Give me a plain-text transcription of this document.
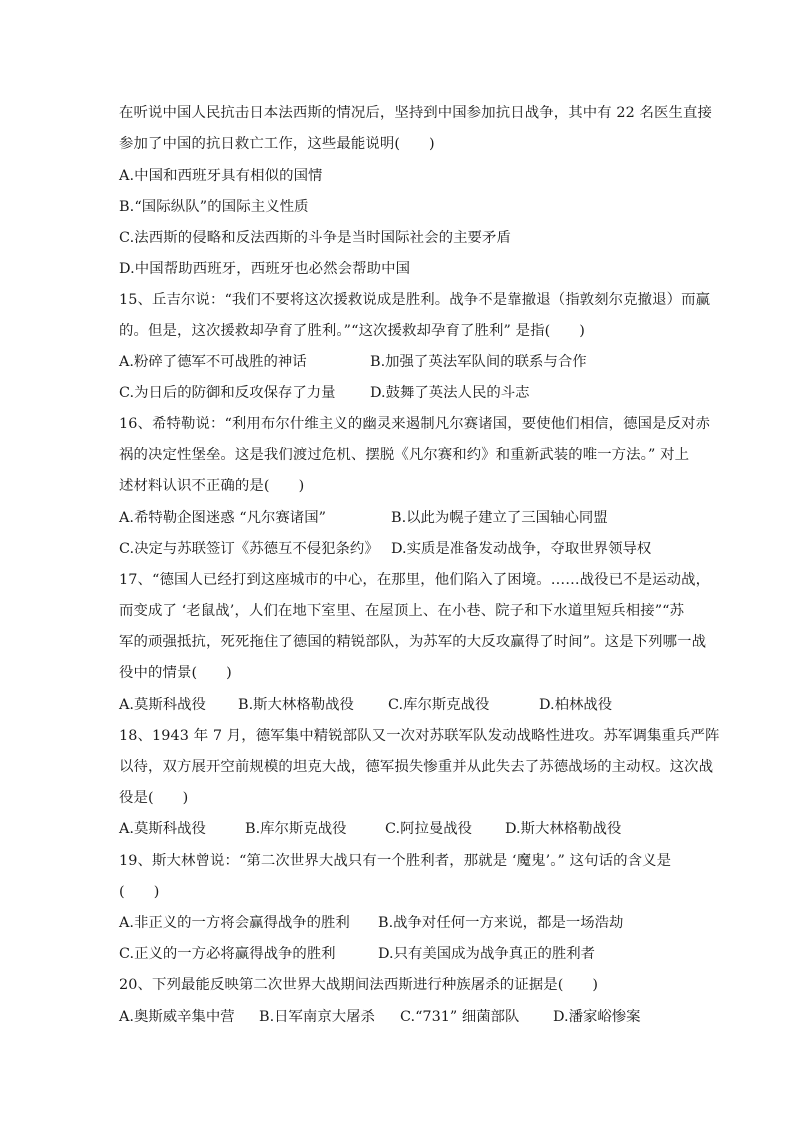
在听说中国人民抗击日本法西斯的情况后，坚持到中国参加抗日战争，其中有 22 名医生直接
参加了中国的抗日救亡工作，这些最能说明(　　)
A.中国和西班牙具有相似的国情
B.“国际纵队”的国际主义性质
C.法西斯的侵略和反法西斯的斗争是当时国际社会的主要矛盾
D.中国帮助西班牙，西班牙也必然会帮助中国
15、丘吉尔说：“我们不要将这次援救说成是胜利。战争不是靠撤退（指敦刻尔克撤退）而赢
的。但是，这次援救却孕育了胜利。”“这次援救却孕育了胜利” 是指(　　)
A.粉碎了德军不可战胜的神话	B.加强了英法军队间的联系与合作
C.为日后的防御和反攻保存了力量 D.鼓舞了英法人民的斗志
16、希特勒说：“利用布尔什维主义的幽灵来遏制凡尔赛诸国，要使他们相信，德国是反对赤
祸的决定性堡垒。这是我们渡过危机、摆脱《凡尔赛和约》和重新武装的唯一方法。” 对上
述材料认识不正确的是(　　)
A.希特勒企图迷惑 “凡尔赛诸国”	B.以此为幌子建立了三国轴心同盟
C.决定与苏联签订《苏德互不侵犯条约》 D.实质是准备发动战争，夺取世界领导权
17、“德国人已经打到这座城市的中心，在那里，他们陷入了困境。……战役已不是运动战，
而变成了 ‘老鼠战’，人们在地下室里、在屋顶上、在小巷、院子和下水道里短兵相接”“苏
军的顽强抵抗，死死拖住了德国的精锐部队，为苏军的大反攻赢得了时间”。这是下列哪一战
役中的情景(　　)
A.莫斯科战役 B.斯大林格勒战役 C.库尔斯克战役	D.柏林战役
18、1943 年 7 月，德军集中精锐部队又一次对苏联军队发动战略性进攻。苏军调集重兵严阵
以待，双方展开空前规模的坦克大战，德军损失惨重并从此失去了苏德战场的主动权。这次战
役是(　　)
A.莫斯科战役	B.库尔斯克战役	C.阿拉曼战役 D.斯大林格勒战役
19、斯大林曾说：“第二次世界大战只有一个胜利者，那就是 ‘魔鬼’。” 这句话的含义是
(　　)
A.非正义的一方将会赢得战争的胜利 B.战争对任何一方来说，都是一场浩劫
C.正义的一方必将赢得战争的胜利	D.只有美国成为战争真正的胜利者
20、下列最能反映第二次世界大战期间法西斯进行种族屠杀的证据是(　　)
A.奥斯威辛集中营 B.日军南京大屠杀 C.“731” 细菌部队 D.潘家峪惨案
